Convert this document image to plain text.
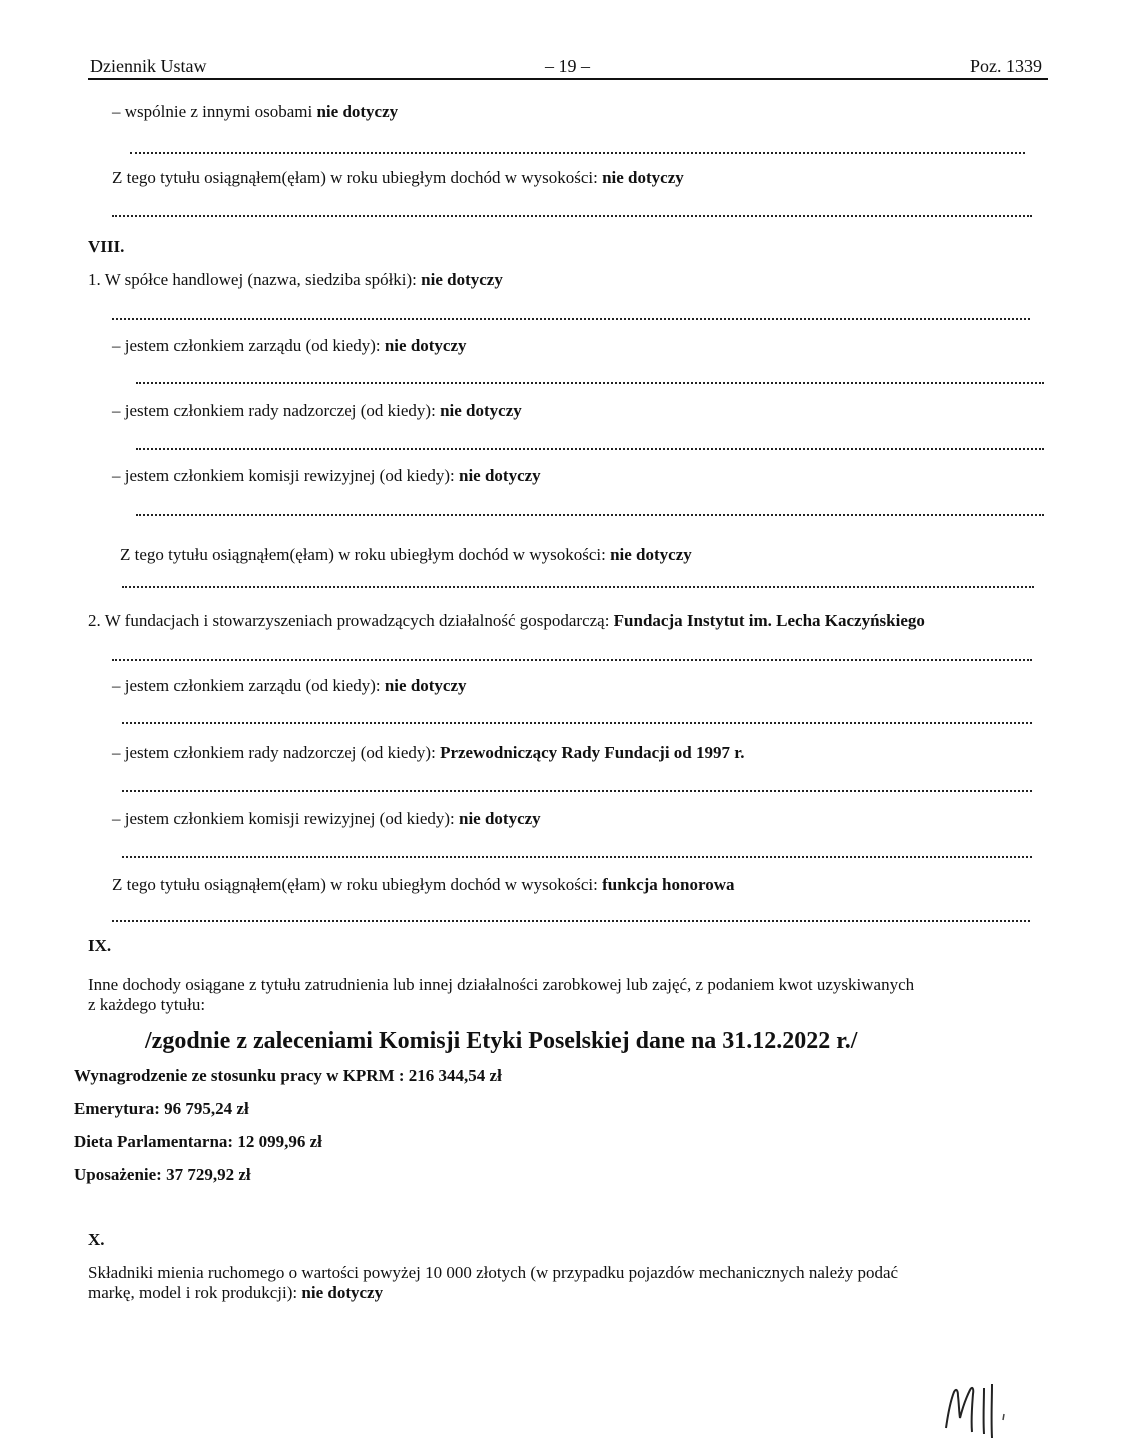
Dziennik Ustaw	– 19 –	Poz. 1339
– wspólnie z innymi osobami nie dotyczy
Z tego tytułu osiągnąłem(ęłam) w roku ubiegłym dochód w wysokości: nie dotyczy
VIII.
1. W spółce handlowej (nazwa, siedziba spółki): nie dotyczy
– jestem członkiem zarządu (od kiedy): nie dotyczy
– jestem członkiem rady nadzorczej (od kiedy): nie dotyczy
– jestem członkiem komisji rewizyjnej (od kiedy): nie dotyczy
Z tego tytułu osiągnąłem(ęłam) w roku ubiegłym dochód w wysokości: nie dotyczy
2. W fundacjach i stowarzyszeniach prowadzących działalność gospodarczą: Fundacja Instytut im. Lecha Kaczyńskiego
– jestem członkiem zarządu (od kiedy): nie dotyczy
– jestem członkiem rady nadzorczej (od kiedy): Przewodniczący Rady Fundacji od 1997 r.
– jestem członkiem komisji rewizyjnej (od kiedy): nie dotyczy
Z tego tytułu osiągnąłem(ęłam) w roku ubiegłym dochód w wysokości: funkcja honorowa
IX.
Inne dochody osiągane z tytułu zatrudnienia lub innej działalności zarobkowej lub zajęć, z podaniem kwot uzyskiwanych
z każdego tytułu:
/zgodnie z zaleceniami Komisji Etyki Poselskiej dane na 31.12.2022 r./
Wynagrodzenie ze stosunku pracy w KPRM : 216 344,54 zł
Emerytura: 96 795,24 zł
Dieta Parlamentarna: 12 099,96 zł
Uposażenie: 37 729,92 zł
X.
Składniki mienia ruchomego o wartości powyżej 10 000 złotych (w przypadku pojazdów mechanicznych należy podać
markę, model i rok produkcji): nie dotyczy
